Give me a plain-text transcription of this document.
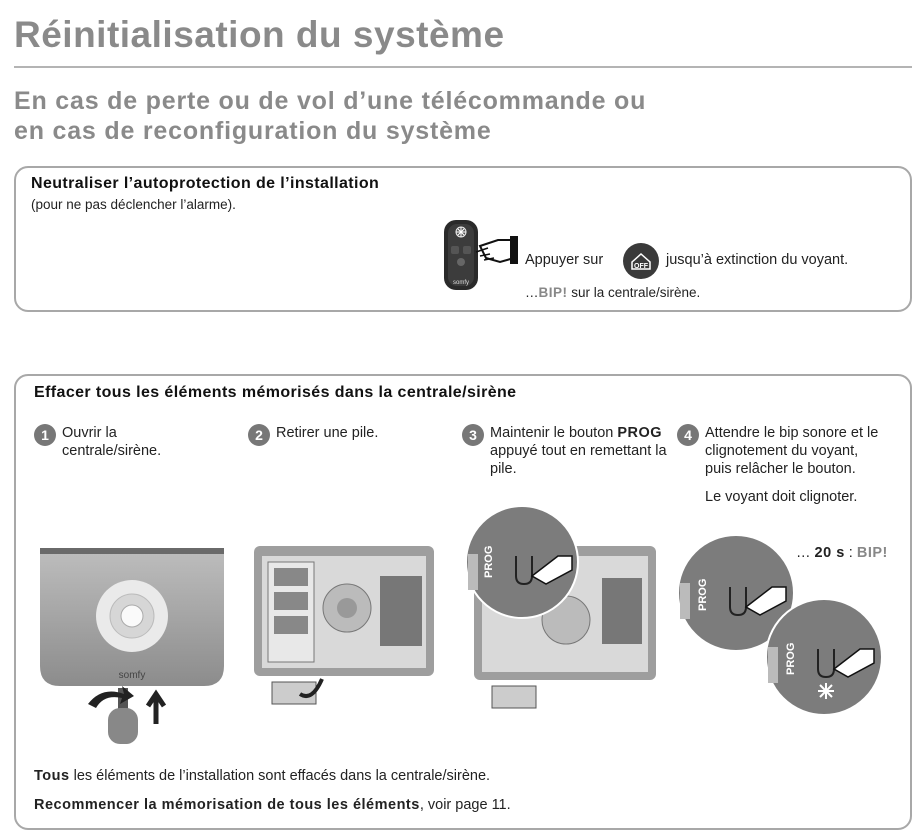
Réinitialisation du système
En cas de perte ou de vol d’une télécommande ou
en cas de reconfiguration du système
Neutraliser l’autoprotection de l’installation
(pour ne pas déclencher l’alarme).
somfy
Appuyer sur	OFF jusqu’à extinction du voyant.
…BIP! sur la centrale/sirène.
Effacer tous les éléments mémorisés dans la centrale/sirène
1 Ouvrir la centrale/sirène.
2 Retirer une pile.	3 Maintenir le bouton PROG appuyé tout en remettant la pile.
4 Attendre le bip sonore et le clignotement du voyant, puis relâcher le bouton.
Le voyant doit clignoter.
somfy
PROG	… 20 s : BIP!
PROG
PROG
Tous les éléments de l’installation sont effacés dans la centrale/sirène.
Recommencer la mémorisation de tous les éléments, voir page 11.
